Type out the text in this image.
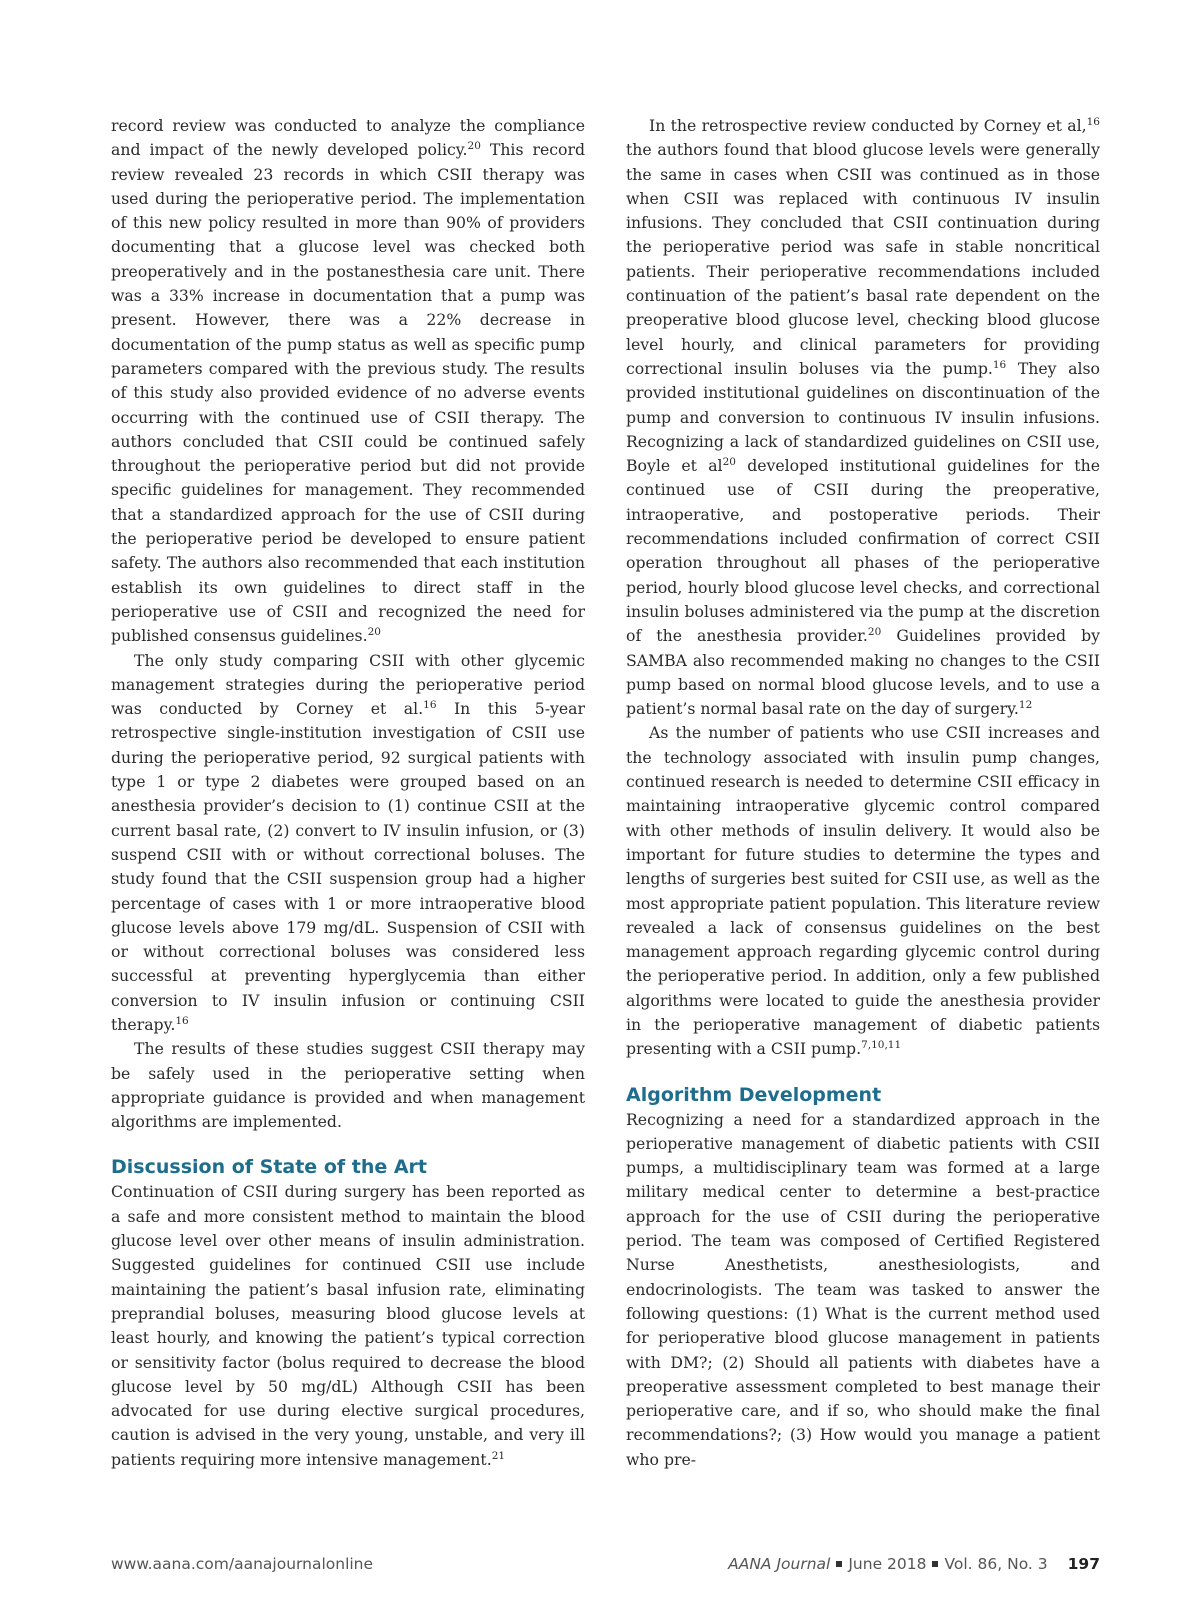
record review was conducted to analyze the compliance and impact of the newly developed policy.$^{20}$ This record review revealed 23 records in which CSII therapy was used during the perioperative period. The implementation of this new policy resulted in more than 90% of providers documenting that a glucose level was checked both preoperatively and in the postanesthesia care unit. There was a 33% increase in documentation that a pump was present. However, there was a 22% decrease in documentation of the pump status as well as specific pump parameters compared with the previous study. The results of this study also provided evidence of no adverse events occurring with the continued use of CSII therapy. The authors concluded that CSII could be continued safely throughout the perioperative period but did not provide specific guidelines for management. They recommended that a standardized approach for the use of CSII during the perioperative period be developed to ensure patient safety. The authors also recommended that each institution establish its own guidelines to direct staff in the perioperative use of CSII and recognized the need for published consensus guidelines.$^{20}$

The only study comparing CSII with other glycemic management strategies during the perioperative period was conducted by Corney et al.$^{16}$ In this 5-year retrospective single-institution investigation of CSII use during the perioperative period, 92 surgical patients with type 1 or type 2 diabetes were grouped based on an anesthesia provider’s decision to (1) continue CSII at the current basal rate, (2) convert to IV insulin infusion, or (3) suspend CSII with or without correctional boluses. The study found that the CSII suspension group had a higher percentage of cases with 1 or more intraoperative blood glucose levels above 179 mg/dL. Suspension of CSII with or without correctional boluses was considered less successful at preventing hyperglycemia than either conversion to IV insulin infusion or continuing CSII therapy.$^{16}$

The results of these studies suggest CSII therapy may be safely used in the perioperative setting when appropriate guidance is provided and when management algorithms are implemented.

Discussion of State of the Art

Continuation of CSII during surgery has been reported as a safe and more consistent method to maintain the blood glucose level over other means of insulin administration. Suggested guidelines for continued CSII use include maintaining the patient’s basal infusion rate, eliminating preprandial boluses, measuring blood glucose levels at least hourly, and knowing the patient’s typical correction or sensitivity factor (bolus required to decrease the blood glucose level by 50 mg/dL) Although CSII has been advocated for use during elective surgical procedures, caution is advised in the very young, unstable, and very ill patients requiring more intensive management.$^{21}$

In the retrospective review conducted by Corney et al,$^{16}$ the authors found that blood glucose levels were generally the same in cases when CSII was continued as in those when CSII was replaced with continuous IV insulin infusions. They concluded that CSII continuation during the perioperative period was safe in stable noncritical patients. Their perioperative recommendations included continuation of the patient’s basal rate dependent on the preoperative blood glucose level, checking blood glucose level hourly, and clinical parameters for providing correctional insulin boluses via the pump.$^{16}$ They also provided institutional guidelines on discontinuation of the pump and conversion to continuous IV insulin infusions. Recognizing a lack of standardized guidelines on CSII use, Boyle et $al^{20}$ developed institutional guidelines for the continued use of CSII during the preoperative, intraoperative, and postoperative periods. Their recommendations included confirmation of correct CSII operation throughout all phases of the perioperative period, hourly blood glucose level checks, and correctional insulin boluses administered via the pump at the discretion of the anesthesia provider.$^{20}$ Guidelines provided by SAMBA also recommended making no changes to the CSII pump based on normal blood glucose levels, and to use a patient’s normal basal rate on the day of surgery.$^{12}$

As the number of patients who use CSII increases and the technology associated with insulin pump changes, continued research is needed to determine CSII efficacy in maintaining intraoperative glycemic control compared with other methods of insulin delivery. It would also be important for future studies to determine the types and lengths of surgeries best suited for CSII use, as well as the most appropriate patient population. This literature review revealed a lack of consensus guidelines on the best management approach regarding glycemic control during the perioperative period. In addition, only a few published algorithms were located to guide the anesthesia provider in the perioperative management of diabetic patients presenting with a CSII pump.$^{7,10,11}$

Algorithm Development

Recognizing a need for a standardized approach in the perioperative management of diabetic patients with CSII pumps, a multidisciplinary team was formed at a large military medical center to determine a best-practice approach for the use of CSII during the perioperative period. The team was composed of Certified Registered Nurse Anesthetists, anesthesiologists, and endocrinologists. The team was tasked to answer the following questions: (1) What is the current method used for perioperative blood glucose management in patients with DM?; (2) Should all patients with diabetes have a preoperative assessment completed to best manage their perioperative care, and if so, who should make the final recommendations?; (3) How would you manage a patient who pre-

www.aana.com/aanajournalonline	AANA Journal June 2018 Vol. 86, No. 3 197
